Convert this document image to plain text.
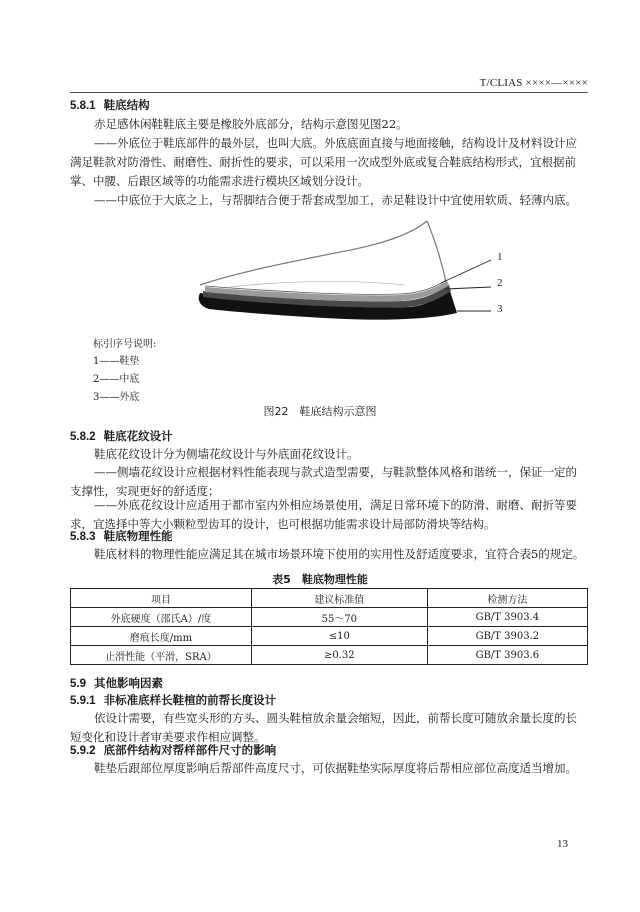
T/CLIAS ××××—××××
5.8.1 鞋底结构
赤足感休闲鞋鞋底主要是橡胶外底部分，结构示意图见图22。
——外底位于鞋底部件的最外层，也叫大底。外底底面直接与地面接触，结构设计及材料设计应满足鞋款对防滑性、耐磨性、耐折性的要求，可以采用一次成型外底或复合鞋底结构形式，宜根据前掌、中腰、后跟区域等的功能需求进行模块区域划分设计。
——中底位于大底之上，与帮脚结合便于帮套成型加工，赤足鞋设计中宜使用软质、轻薄内底。
1
2
3
标引序号说明:
1——鞋垫
2——中底
3——外底
图22　鞋底结构示意图
5.8.2 鞋底花纹设计
鞋底花纹设计分为侧墙花纹设计与外底面花纹设计。
——侧墙花纹设计应根据材料性能表现与款式造型需要，与鞋款整体风格和谐统一，保证一定的支撑性，实现更好的舒适度；
——外底花纹设计应适用于都市室内外相应场景使用，满足日常环境下的防滑、耐磨、耐折等要求，宜选择中等大小颗粒型齿耳的设计，也可根据功能需求设计局部防滑块等结构。
5.8.3 鞋底物理性能
鞋底材料的物理性能应满足其在城市场景环境下使用的实用性及舒适度要求，宜符合表5的规定。
表5　鞋底物理性能
项目	建议标准值	检测方法
外底硬度（邵氏A）/度	55～70	GB/T 3903.4
磨痕长度/mm	≤10	GB/T 3903.2
止滑性能（平滑，SRA）	≥0.32	GB/T 3903.6
5.9 其他影响因素
5.9.1 非标准底样长鞋楦的前帮长度设计
依设计需要，有些宽头形的方头、圆头鞋楦放余量会缩短，因此，前帮长度可随放余量长度的长短变化和设计者审美要求作相应调整。
5.9.2 底部件结构对帮样部件尺寸的影响
鞋垫后跟部位厚度影响后帮部件高度尺寸，可依据鞋垫实际厚度将后帮相应部位高度适当增加。
13
